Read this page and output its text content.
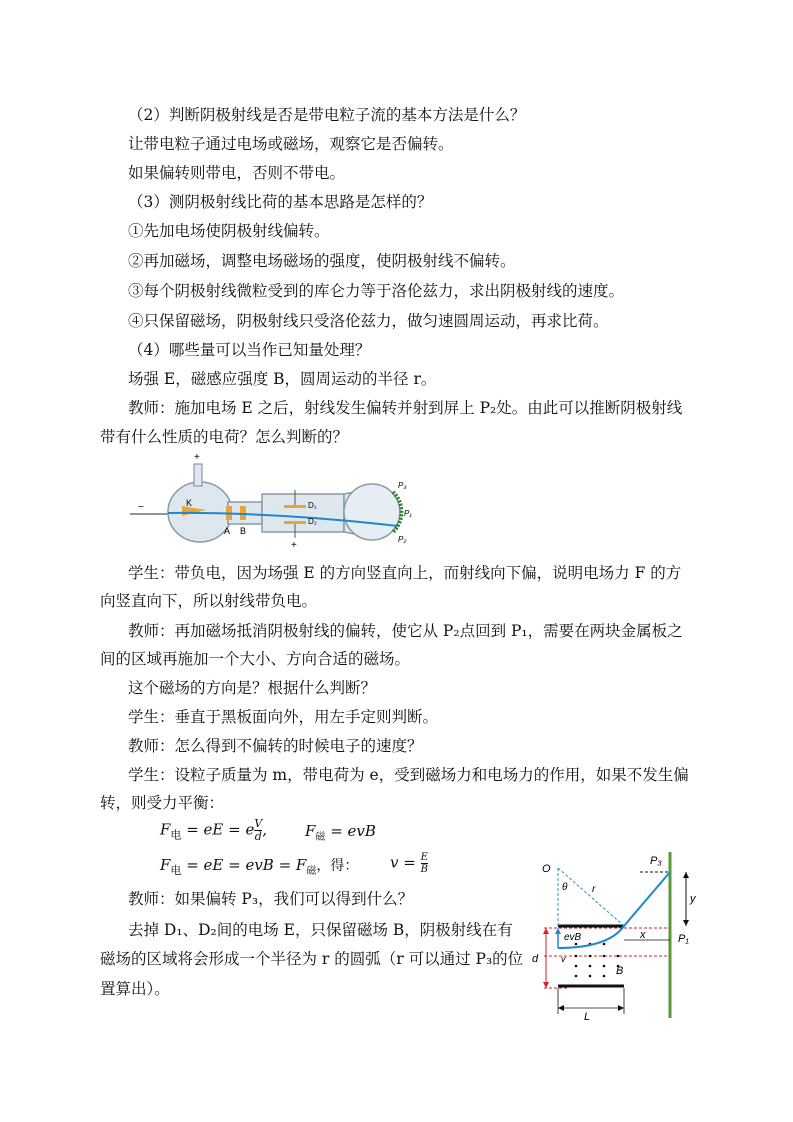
（2）判断阴极射线是否是带电粒子流的基本方法是什么？
让带电粒子通过电场或磁场，观察它是否偏转。
如果偏转则带电，否则不带电。
（3）测阴极射线比荷的基本思路是怎样的？
①先加电场使阴极射线偏转。
②再加磁场，调整电场磁场的强度，使阴极射线不偏转。
③每个阴极射线微粒受到的库仑力等于洛伦兹力，求出阴极射线的速度。
④只保留磁场，阴极射线只受洛伦兹力，做匀速圆周运动，再求比荷。
（4）哪些量可以当作已知量处理？
场强 E，磁感应强度 B，圆周运动的半径 r。
教师：施加电场 E 之后，射线发生偏转并射到屏上 P₂处。由此可以推断阴极射线
带有什么性质的电荷？怎么判断的？
+
−	K
A B
D₁
D₂
+
P₃
P₁
P₂
学生：带负电，因为场强 E 的方向竖直向上，而射线向下偏，说明电场力 F 的方
向竖直向下，所以射线带负电。
教师：再加磁场抵消阴极射线的偏转，使它从 P₂点回到 P₁，需要在两块金属板之
间的区域再施加一个大小、方向合适的磁场。
这个磁场的方向是？根据什么判断？
学生：垂直于黑板面向外，用左手定则判断。
教师：怎么得到不偏转的时候电子的速度？
学生：设粒子质量为 m，带电荷为 e，受到磁场力和电场力的作用，如果不发生偏
转，则受力平衡：
$F_电$ = eE = e $\frac{V}{d}$ ,	$F_磁$ = evB
$F_电$ = eE = evB = $F_磁$，得： $v = \frac{E}{B}$
教师：如果偏转 P₃，我们可以得到什么？
去掉 D₁、D₂间的电场 E，只保留磁场 B，阴极射线在有
磁场的区域将会形成一个半径为 r 的圆弧（r 可以通过 P₃的位
置算出）。
O
θ r
P₃
y
x	P₁
evB
v
B
d
L
